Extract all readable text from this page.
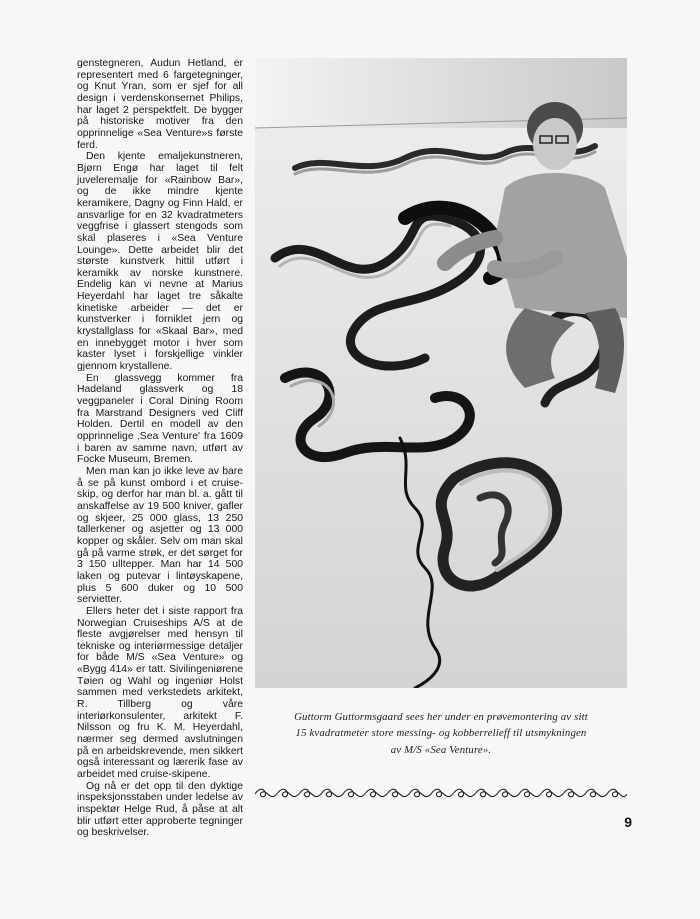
genstegneren, Audun Hetland, er representert med 6 fargetegninger, og Knut Yran, som er sjef for all design i verdenskonsernet Philips, har laget 2 perspektfelt. De bygger på historiske motiver fra den opprinnelige «Sea Venture»s første ferd.

Den kjente emaljekunstneren, Bjørn Engø har laget til felt juveleremalje for «Rainbow Bar», og de ikke mindre kjente keramikere, Dagny og Finn Hald, er ansvarlige for en 32 kvadratmeters veggfrise i glassert stengods som skal plaseres i «Sea Venture Lounge». Dette arbeidet blir det største kunstverk hittil utført i keramikk av norske kunstnere. Endelig kan vi nevne at Marius Heyerdahl har laget tre såkalte kinetiske arbeider — det er kunstverker i forniklet jern og krystallglass for «Skaal Bar», med en innebygget motor i hver som kaster lyset i forskjellige vinkler gjennom krystallene.

En glassvegg kommer fra Hadeland glassverk og 18 veggpaneler i Coral Dining Room fra Marstrand Designers ved Cliff Holden. Dertil en modell av den opprinnelige ‚Sea Venture' fra 1609 i baren av samme navn, utført av Focke Museum, Bremen.

Men man kan jo ikke leve av bare å se på kunst ombord i et cruise-skip, og derfor har man bl. a. gått til anskaffelse av 19 500 kniver, gafler og skjeer, 25 000 glass, 13 250 tallerkener og asjetter og 13 000 kopper og skåler. Selv om man skal gå på varme strøk, er det sørget for 3 150 ulltepper. Man har 14 500 laken og putevar i lintøyskapene, plus 5 600 duker og 10 500 servietter.

Ellers heter det i siste rapport fra Norwegian Cruiseships A/S at de fleste avgjørelser med hensyn til tekniske og interiørmessige detaljer for både M/S «Sea Venture» og «Bygg 414» er tatt. Sivilingeniørene Tøien og Wahl og ingeniør Holst sammen med verkstedets arkitekt, R. Tillberg og våre interiørkonsulenter, arkitekt F. Nilsson og fru K. M. Heyerdahl, nærmer seg dermed avslutningen på en arbeidskrevende, men sikkert også interessant og lærerik fase av arbeidet med cruise-skipene.

Og nå er det opp til den dyktige inspeksjonsstaben under ledelse av inspektør Helge Rud, å påse at alt blir utført etter approberte tegninger og beskrivelser.

Guttorm Guttormsgaard sees her under en prøvemontering av sitt
15 kvadratmeter store messing- og kobberrelieff til utsmykningen
av M/S «Sea Venture».
9
